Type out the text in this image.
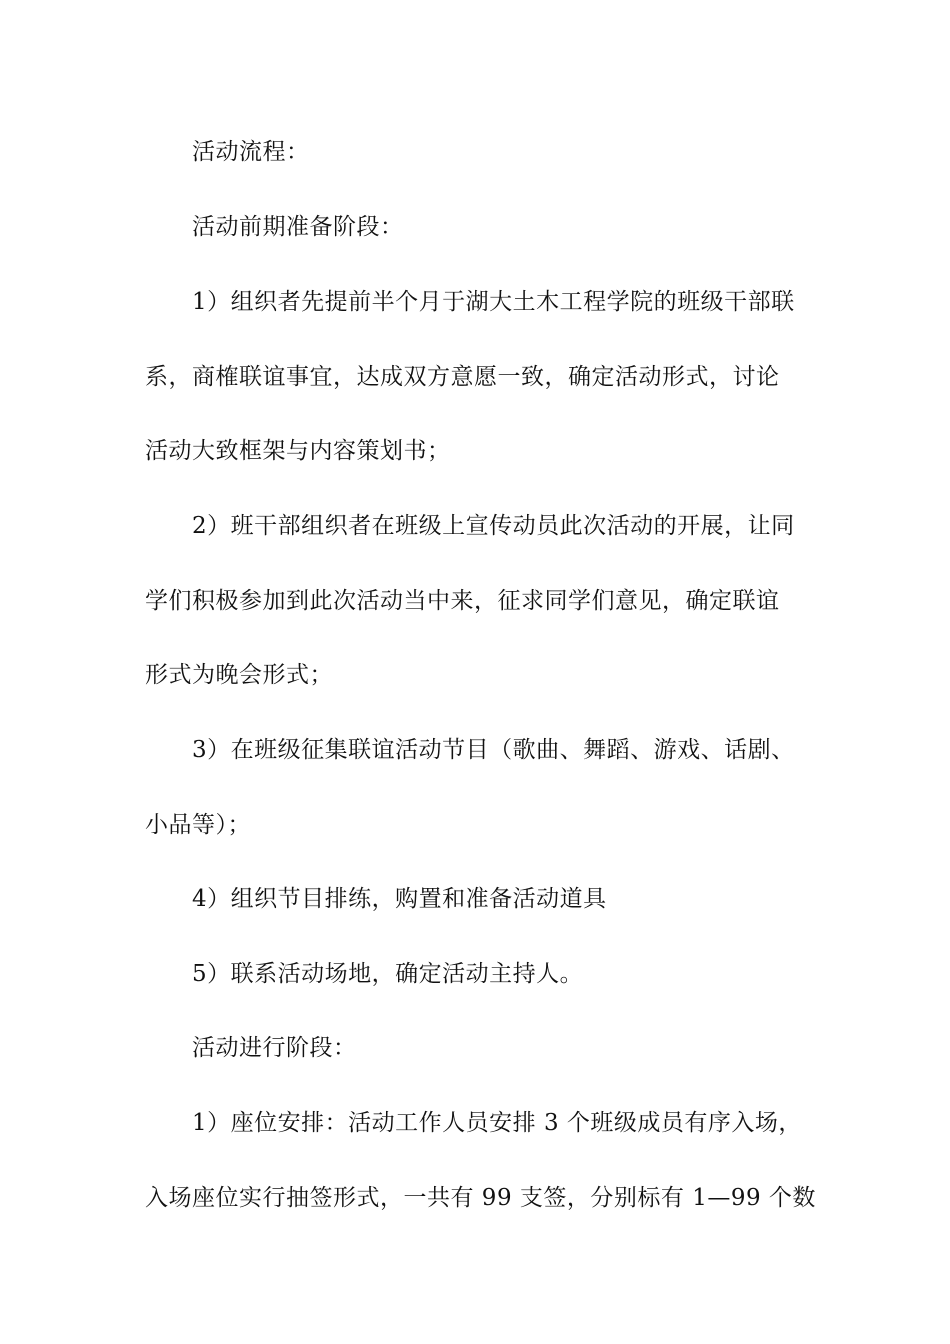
活动流程：
活动前期准备阶段：
1）组织者先提前半个月于湖大土木工程学院的班级干部联
系，商榷联谊事宜，达成双方意愿一致，确定活动形式，讨论
活动大致框架与内容策划书；
2）班干部组织者在班级上宣传动员此次活动的开展，让同
学们积极参加到此次活动当中来，征求同学们意见，确定联谊
形式为晚会形式；
3）在班级征集联谊活动节目（歌曲、舞蹈、游戏、话剧、
小品等）；
4）组织节目排练，购置和准备活动道具
5）联系活动场地，确定活动主持人。
活动进行阶段：
1）座位安排：活动工作人员安排 3 个班级成员有序入场，
入场座位实行抽签形式，一共有 99 支签，分别标有 1—99 个数
